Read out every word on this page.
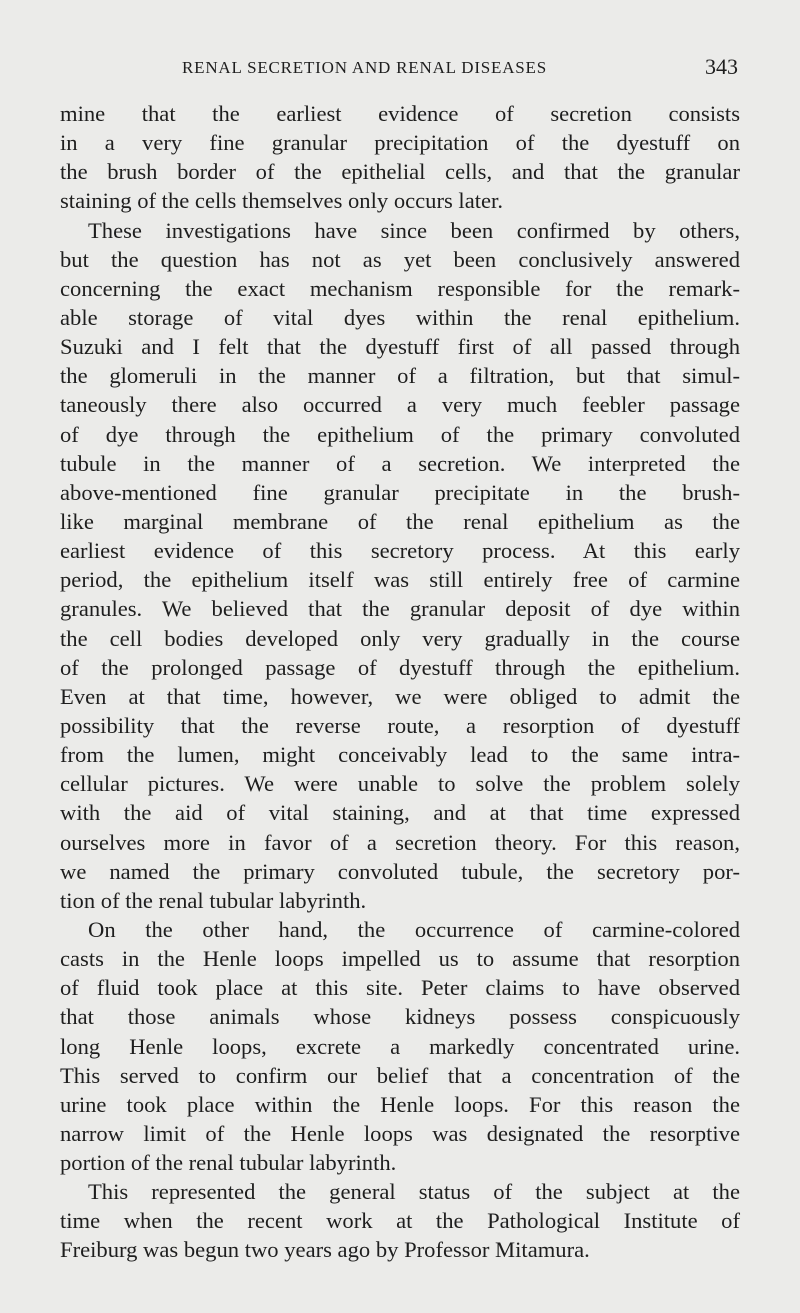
RENAL SECRETION AND RENAL DISEASES	343
mine that the earliest evidence of secretion consists
in a very fine granular precipitation of the dyestuff on
the brush border of the epithelial cells, and that the granular
staining of the cells themselves only occurs later.
These investigations have since been confirmed by others,
but the question has not as yet been conclusively answered
concerning the exact mechanism responsible for the remark-
able storage of vital dyes within the renal epithelium.
Suzuki and I felt that the dyestuff first of all passed through
the glomeruli in the manner of a filtration, but that simul-
taneously there also occurred a very much feebler passage
of dye through the epithelium of the primary convoluted
tubule in the manner of a secretion. We interpreted the
above-mentioned fine granular precipitate in the brush-
like marginal membrane of the renal epithelium as the
earliest evidence of this secretory process. At this early
period, the epithelium itself was still entirely free of carmine
granules. We believed that the granular deposit of dye within
the cell bodies developed only very gradually in the course
of the prolonged passage of dyestuff through the epithelium.
Even at that time, however, we were obliged to admit the
possibility that the reverse route, a resorption of dyestuff
from the lumen, might conceivably lead to the same intra-
cellular pictures. We were unable to solve the problem solely
with the aid of vital staining, and at that time expressed
ourselves more in favor of a secretion theory. For this reason,
we named the primary convoluted tubule, the secretory por-
tion of the renal tubular labyrinth.
On the other hand, the occurrence of carmine-colored
casts in the Henle loops impelled us to assume that resorption
of fluid took place at this site. Peter claims to have observed
that those animals whose kidneys possess conspicuously
long Henle loops, excrete a markedly concentrated urine.
This served to confirm our belief that a concentration of the
urine took place within the Henle loops. For this reason the
narrow limit of the Henle loops was designated the resorptive
portion of the renal tubular labyrinth.
This represented the general status of the subject at the
time when the recent work at the Pathological Institute of
Freiburg was begun two years ago by Professor Mitamura.
